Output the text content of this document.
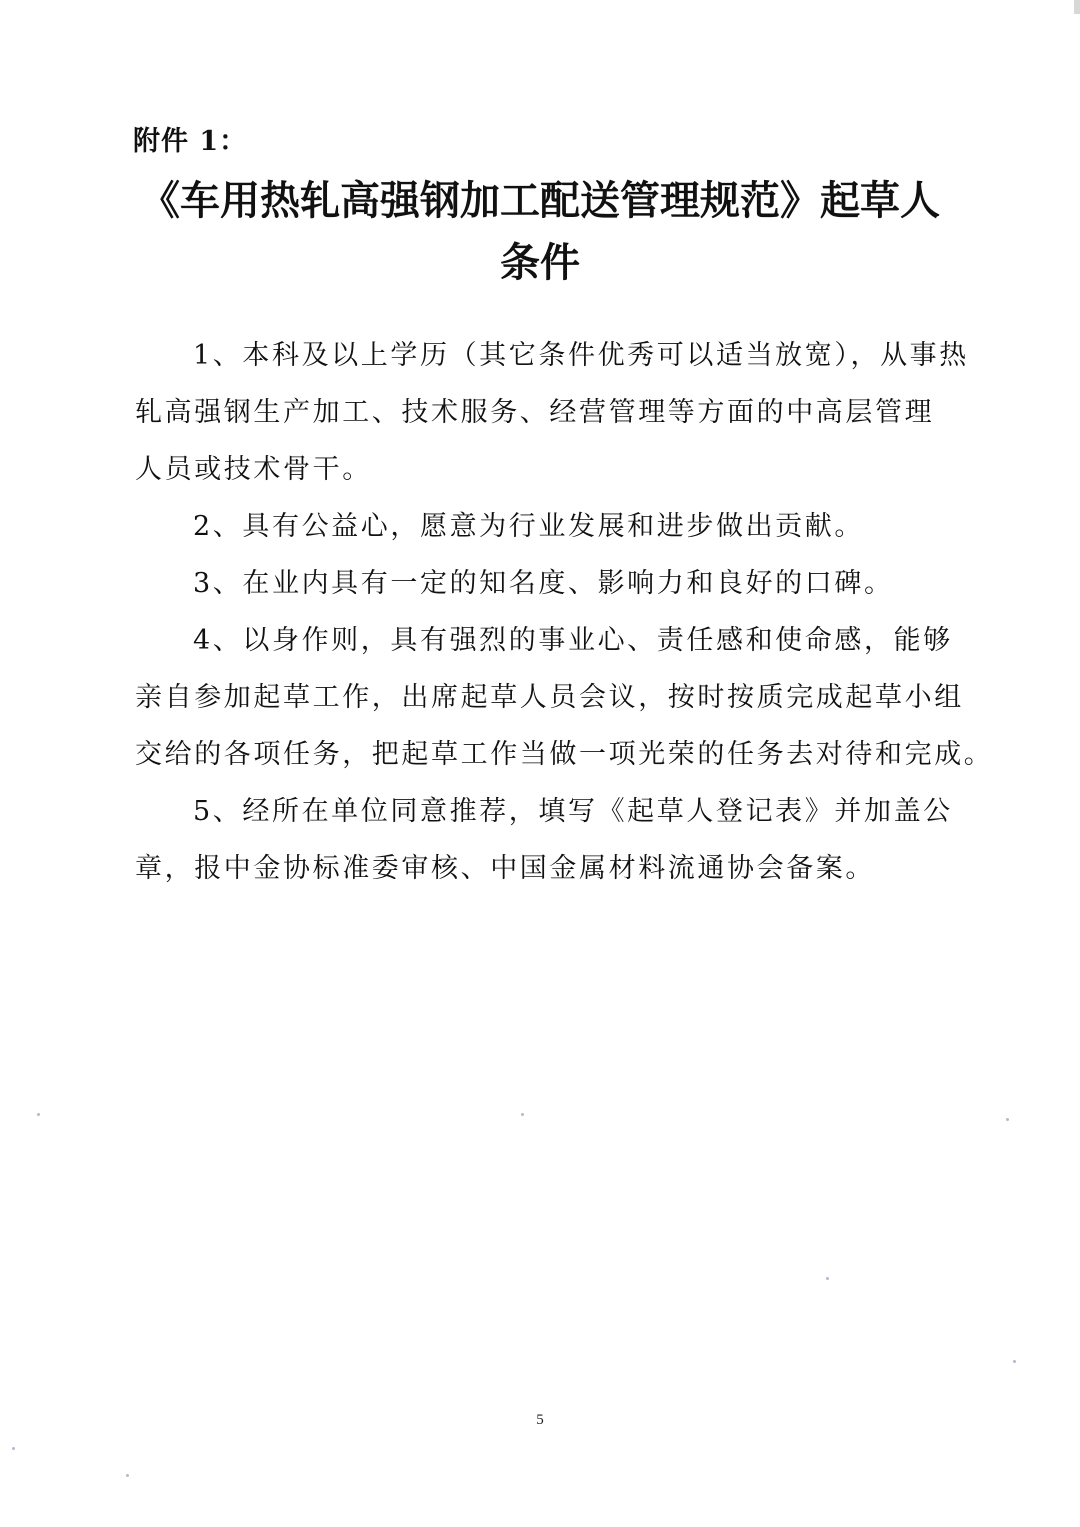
附件 1：
《车用热轧高强钢加工配送管理规范》起草人
条件

1、本科及以上学历（其它条件优秀可以适当放宽），从事热
轧高强钢生产加工、技术服务、经营管理等方面的中高层管理
人员或技术骨干。

2、具有公益心，愿意为行业发展和进步做出贡献。

3、在业内具有一定的知名度、影响力和良好的口碑。

4、以身作则，具有强烈的事业心、责任感和使命感，能够
亲自参加起草工作，出席起草人员会议，按时按质完成起草小组
交给的各项任务，把起草工作当做一项光荣的任务去对待和完成。

5、经所在单位同意推荐，填写《起草人登记表》并加盖公
章，报中金协标准委审核、中国金属材料流通协会备案。

5
